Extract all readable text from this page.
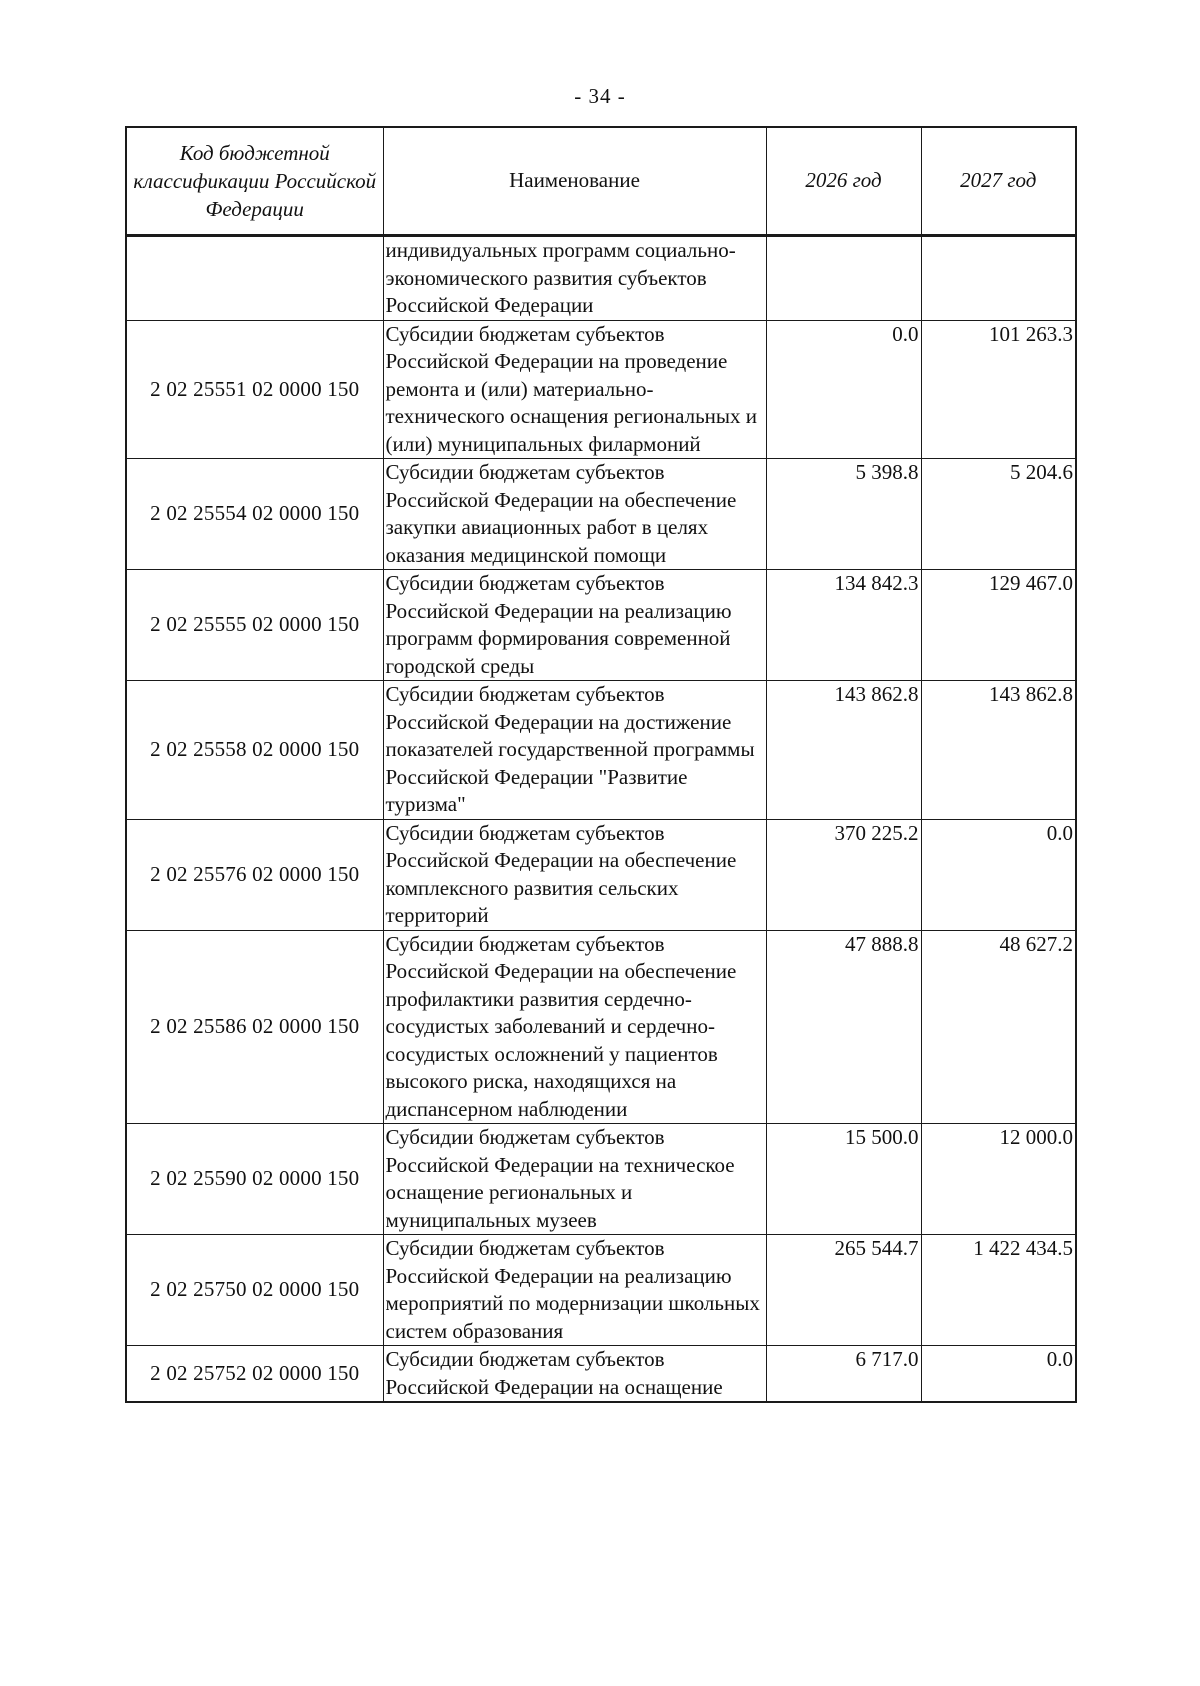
- 34 -
Код бюджетной классификации Российской Федерации	Наименование	2026 год	2027 год
	индивидуальных программ социально-экономического развития субъектов Российской Федерации		
2 02 25551 02 0000 150	Субсидии бюджетам субъектов Российской Федерации на проведение ремонта и (или) материально-технического оснащения региональных и (или) муниципальных филармоний	0.0	101 263.3
2 02 25554 02 0000 150	Субсидии бюджетам субъектов Российской Федерации на обеспечение закупки авиационных работ в целях оказания медицинской помощи	5 398.8	5 204.6
2 02 25555 02 0000 150	Субсидии бюджетам субъектов Российской Федерации на реализацию программ формирования современной городской среды	134 842.3	129 467.0
2 02 25558 02 0000 150	Субсидии бюджетам субъектов Российской Федерации на достижение показателей государственной программы Российской Федерации "Развитие туризма"	143 862.8	143 862.8
2 02 25576 02 0000 150	Субсидии бюджетам субъектов Российской Федерации на обеспечение комплексного развития сельских территорий	370 225.2	0.0
2 02 25586 02 0000 150	Субсидии бюджетам субъектов Российской Федерации на обеспечение профилактики развития сердечно-сосудистых заболеваний и сердечно-сосудистых осложнений у пациентов высокого риска, находящихся на диспансерном наблюдении	47 888.8	48 627.2
2 02 25590 02 0000 150	Субсидии бюджетам субъектов Российской Федерации на техническое оснащение региональных и муниципальных музеев	15 500.0	12 000.0
2 02 25750 02 0000 150	Субсидии бюджетам субъектов Российской Федерации на реализацию мероприятий по модернизации школьных систем образования	265 544.7	1 422 434.5
2 02 25752 02 0000 150	Субсидии бюджетам субъектов Российской Федерации на оснащение	6 717.0	0.0
